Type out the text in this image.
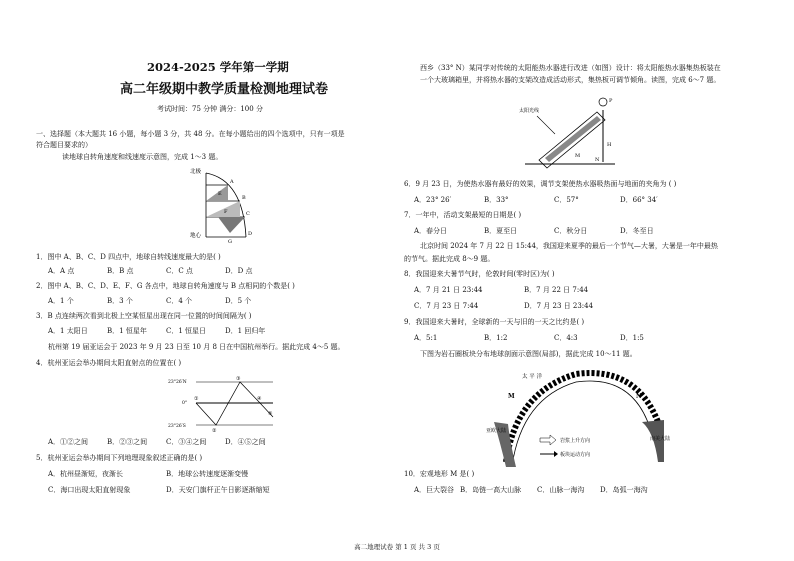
2024-2025 学年第一学期
高二年级期中教学质量检测地理试卷
考试时间：75 分钟 满分：100 分
一、选择题（本大题共 16 小题，每小题 3 分，共 48 分。在每小题给出的四个选项中，只有一项是
符合题目要求的）
读地球自转角速度和线速度示意图，完成 1～3 题。
北极
地心
A
B
C
D
E
F
G
1．图中 A、B、C、D 四点中，地球自转线速度最大的是( )
A．A 点	B．B 点	C．C 点	D．D 点
2．图中 A、B、C、D、E、F、G 各点中，地球自转角速度与 B 点相同的个数是( )
A．1 个	B．3 个	C．4 个	D．5 个
3．B 点连续两次看到北极上空某恒星出现在同一位置的时间间隔为( )
A．1 太阳日	B．1 恒星年	C．1 恒星日	D．1 回归年
杭州第 19 届亚运会于 2023 年 9 月 23 日至 10 月 8 日在中国杭州举行。据此完成 4～5 题。
4．杭州亚运会举办期间太阳直射点的位置在( )
23°26′N
0°
23°26′S
①
②
③
④
⑤
A．①②之间	B．②③之间	C．③④之间	D．④⑤之间
5．杭州亚运会举办期间下列地理现象叙述正确的是( )
A．杭州昼渐短，夜渐长	B．地球公转速度逐渐变慢
C．海口出现太阳直射现象	D．天安门旗杆正午日影逐渐缩短
西乡（33° N）某同学对传统的太阳能热水器进行改进（如图）设计：将太阳能热水器集热板装在
一个大玻璃箱里，并将热水器的支架改造成活动形式，集热板可调节倾角。读图，完成 6～7 题。
太阳光线
P
N
M
H
6．9 月 23 日，为使热水器有最好的效果，调节支架使热水器吸热面与地面的夹角为 ( )
A．23° 26′	B．33°	C．57°	D．66° 34′
7．一年中，活动支架最短的日期是( )
A．春分日	B．夏至日	C．秋分日	D．冬至日
北京时间 2024 年 7 月 22 日 15:44，我国迎来夏季的最后一个节气—大暑，大暑是一年中最热
的节气。据此完成 8～9 题。
8．我国迎来大暑节气时，伦敦时间(零时区)为( )
A．7 月 21 日 23:44	B．7 月 22 日 7:44
C．7 月 23 日 7:44	D．7 月 23 日 23:44
9．我国迎来大暑时，全球新的一天与旧的一天之比约是( )
A．5:1	B．1:2	C．4:3	D．1:5
下图为岩石圈板块分布地球剖面示意图(局部)，据此完成 10～11 题。
太 平 洋
亚欧大陆
南美大陆
M	N
岩浆上升方向
板块运动方向
10．宏观地形 M 是( )
A．巨大裂谷 B．岛链一高大山脉 C．山脉一海沟 D．岛弧一海沟
高二地理试卷 第 1 页 共 3 页
